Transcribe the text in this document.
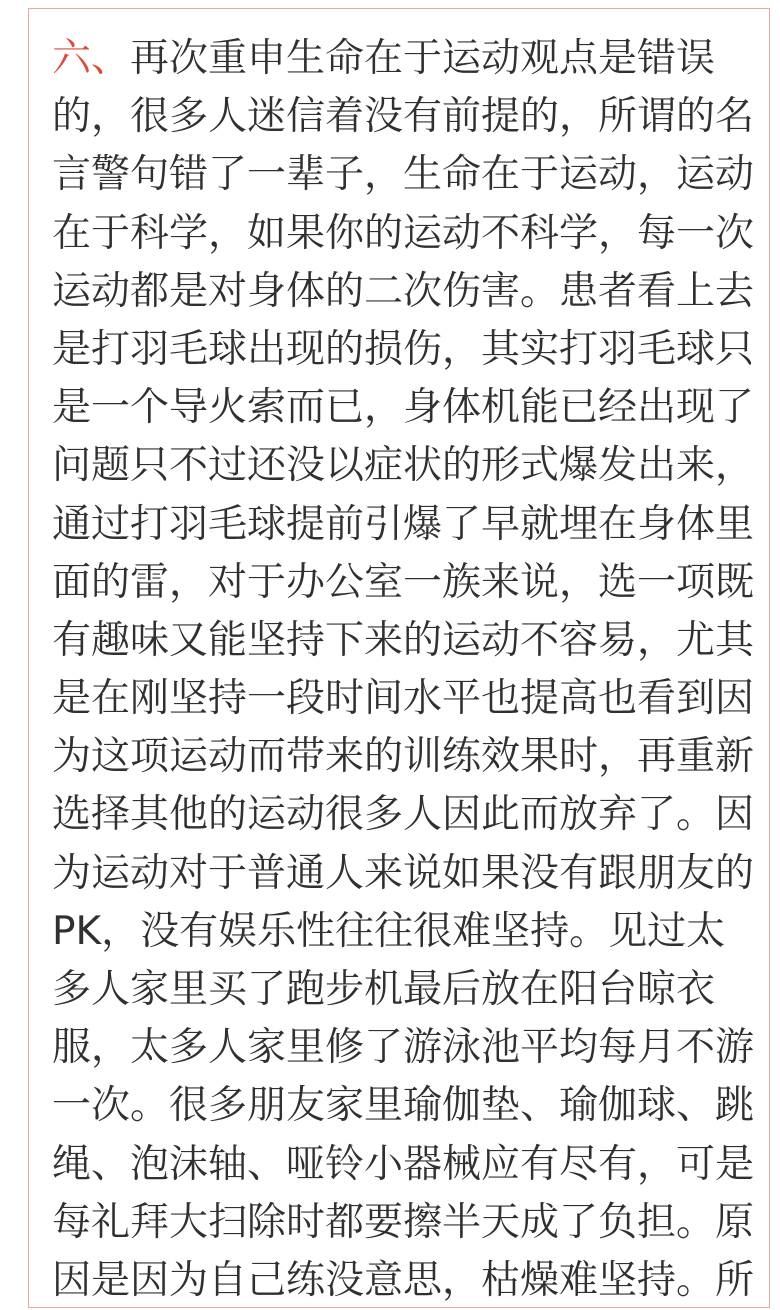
六、再次重申生命在于运动观点是错误
的，很多人迷信着没有前提的，所谓的名
言警句错了一辈子，生命在于运动，运动
在于科学，如果你的运动不科学，每一次
运动都是对身体的二次伤害。患者看上去
是打羽毛球出现的损伤，其实打羽毛球只
是一个导火索而已，身体机能已经出现了
问题只不过还没以症状的形式爆发出来，
通过打羽毛球提前引爆了早就埋在身体里
面的雷，对于办公室一族来说，选一项既
有趣味又能坚持下来的运动不容易，尤其
是在刚坚持一段时间水平也提高也看到因
为这项运动而带来的训练效果时，再重新
选择其他的运动很多人因此而放弃了。因
为运动对于普通人来说如果没有跟朋友的
PK，没有娱乐性往往很难坚持。见过太
多人家里买了跑步机最后放在阳台晾衣
服，太多人家里修了游泳池平均每月不游
一次。很多朋友家里瑜伽垫、瑜伽球、跳
绳、泡沫轴、哑铃小器械应有尽有，可是
每礼拜大扫除时都要擦半天成了负担。原
因是因为自己练没意思，枯燥难坚持。所
